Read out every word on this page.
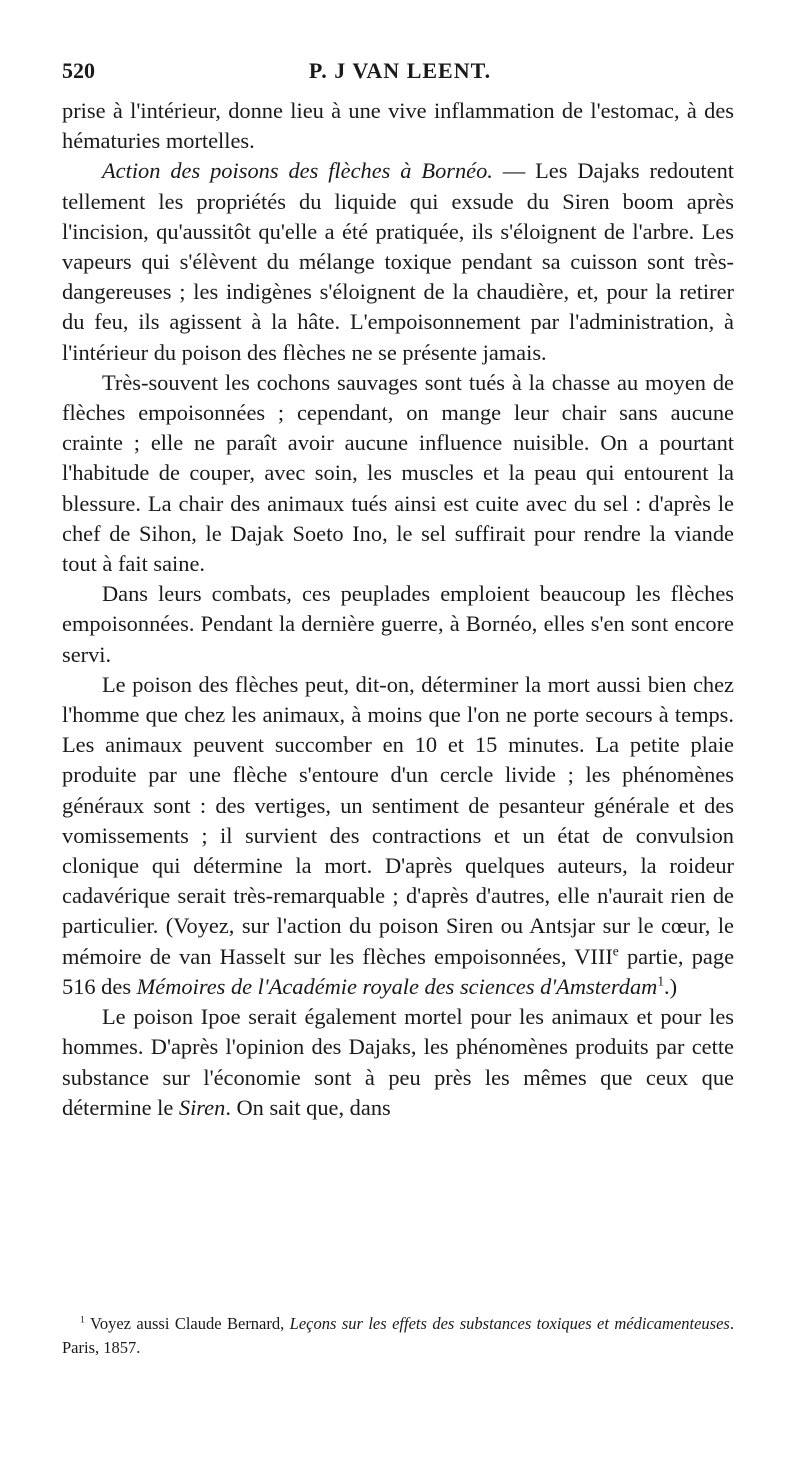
520	P. J VAN LEENT.

prise à l'intérieur, donne lieu à une vive inflammation de l'estomac, à des hématuries mortelles.

Action des poisons des flèches à Bornéo. — Les Dajaks redoutent tellement les propriétés du liquide qui exsude du Siren boom après l'incision, qu'aussitôt qu'elle a été pratiquée, ils s'éloignent de l'arbre. Les vapeurs qui s'élèvent du mélange toxique pendant sa cuisson sont très-dangereuses ; les indigènes s'éloignent de la chaudière, et, pour la retirer du feu, ils agissent à la hâte. L'empoisonnement par l'administration, à l'intérieur du poison des flèches ne se présente jamais.

Très-souvent les cochons sauvages sont tués à la chasse au moyen de flèches empoisonnées ; cependant, on mange leur chair sans aucune crainte ; elle ne paraît avoir aucune influence nuisible. On a pourtant l'habitude de couper, avec soin, les muscles et la peau qui entourent la blessure. La chair des animaux tués ainsi est cuite avec du sel : d'après le chef de Sihon, le Dajak Soeto Ino, le sel suffirait pour rendre la viande tout à fait saine.

Dans leurs combats, ces peuplades emploient beaucoup les flèches empoisonnées. Pendant la dernière guerre, à Bornéo, elles s'en sont encore servi.

Le poison des flèches peut, dit-on, déterminer la mort aussi bien chez l'homme que chez les animaux, à moins que l'on ne porte secours à temps. Les animaux peuvent succomber en 10 et 15 minutes. La petite plaie produite par une flèche s'entoure d'un cercle livide ; les phénomènes généraux sont : des vertiges, un sentiment de pesanteur générale et des vomissements ; il survient des contractions et un état de convulsion clonique qui détermine la mort. D'après quelques auteurs, la roideur cadavérique serait très-remarquable ; d'après d'autres, elle n'aurait rien de particulier. (Voyez, sur l'action du poison Siren ou Antsjar sur le cœur, le mémoire de van Hasselt sur les flèches empoisonnées, VIIIe partie, page 516 des Mémoires de l'Académie royale des sciences d'Amsterdam$^1$.)

Le poison Ipoe serait également mortel pour les animaux et pour les hommes. D'après l'opinion des Dajaks, les phénomènes produits par cette substance sur l'économie sont à peu près les mêmes que ceux que détermine le Siren. On sait que, dans

$^1$ Voyez aussi Claude Bernard, Leçons sur les effets des substances toxiques et médicamenteuses. Paris, 1857.
